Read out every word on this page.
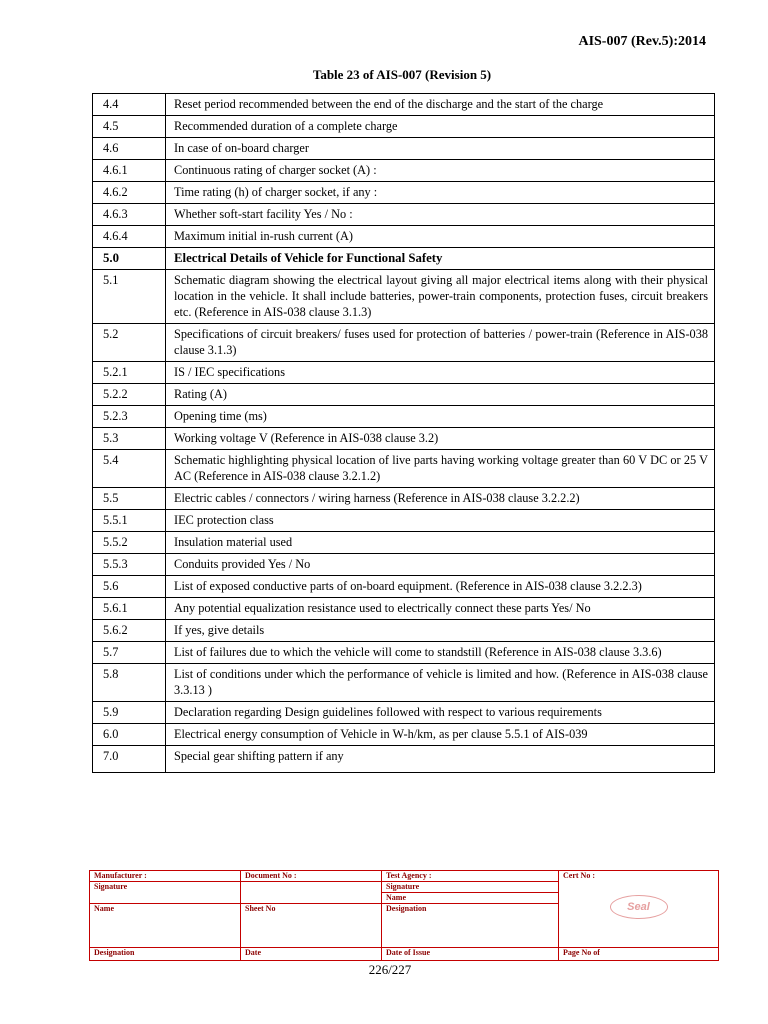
AIS-007 (Rev.5):2014
Table 23 of AIS-007 (Revision 5)
4.4	Reset period recommended between the end of the discharge and the start of the charge
4.5	Recommended duration of a complete charge
4.6	In case of on-board charger
4.6.1	Continuous rating of charger socket (A) :
4.6.2	Time rating (h) of charger socket, if any :
4.6.3	Whether soft-start facility Yes / No :
4.6.4	Maximum initial in-rush current (A)
5.0	Electrical Details of Vehicle for Functional Safety
5.1	Schematic diagram showing the electrical layout giving all major electrical items along with their physical location in the vehicle. It shall include batteries, power-train components, protection fuses, circuit breakers etc. (Reference in AIS-038 clause 3.1.3)
5.2	Specifications of circuit breakers/ fuses used for protection of batteries / power-train (Reference in AIS-038 clause 3.1.3)
5.2.1	IS / IEC specifications
5.2.2	Rating (A)
5.2.3	Opening time (ms)
5.3	Working voltage V (Reference in AIS-038 clause 3.2)
5.4	Schematic highlighting physical location of live parts having working voltage greater than 60 V DC or 25 V AC (Reference in AIS-038 clause 3.2.1.2)
5.5	Electric cables / connectors / wiring harness (Reference in AIS-038 clause 3.2.2.2)
5.5.1	IEC protection class
5.5.2	Insulation material used
5.5.3	Conduits provided Yes / No
5.6	List of exposed conductive parts of on-board equipment. (Reference in AIS-038 clause 3.2.2.3)
5.6.1	Any potential equalization resistance used to electrically connect these parts Yes/ No
5.6.2	If yes, give details
5.7	List of failures due to which the vehicle will come to standstill (Reference in AIS-038 clause 3.3.6)
5.8	List of conditions under which the performance of vehicle is limited and how. (Reference in AIS-038 clause 3.3.13 )
5.9	Declaration regarding Design guidelines followed with respect to various requirements
6.0	Electrical energy consumption of Vehicle in W-h/km, as per clause 5.5.1 of AIS-039
7.0	Special gear shifting pattern if any
Manufacturer :	Document No :	Test Agency :	Cert No :
Seal

Signature		Signature	
		Name	
Name	Sheet No	Designation	
Designation	Date	Date of Issue	Page No of
226/227
